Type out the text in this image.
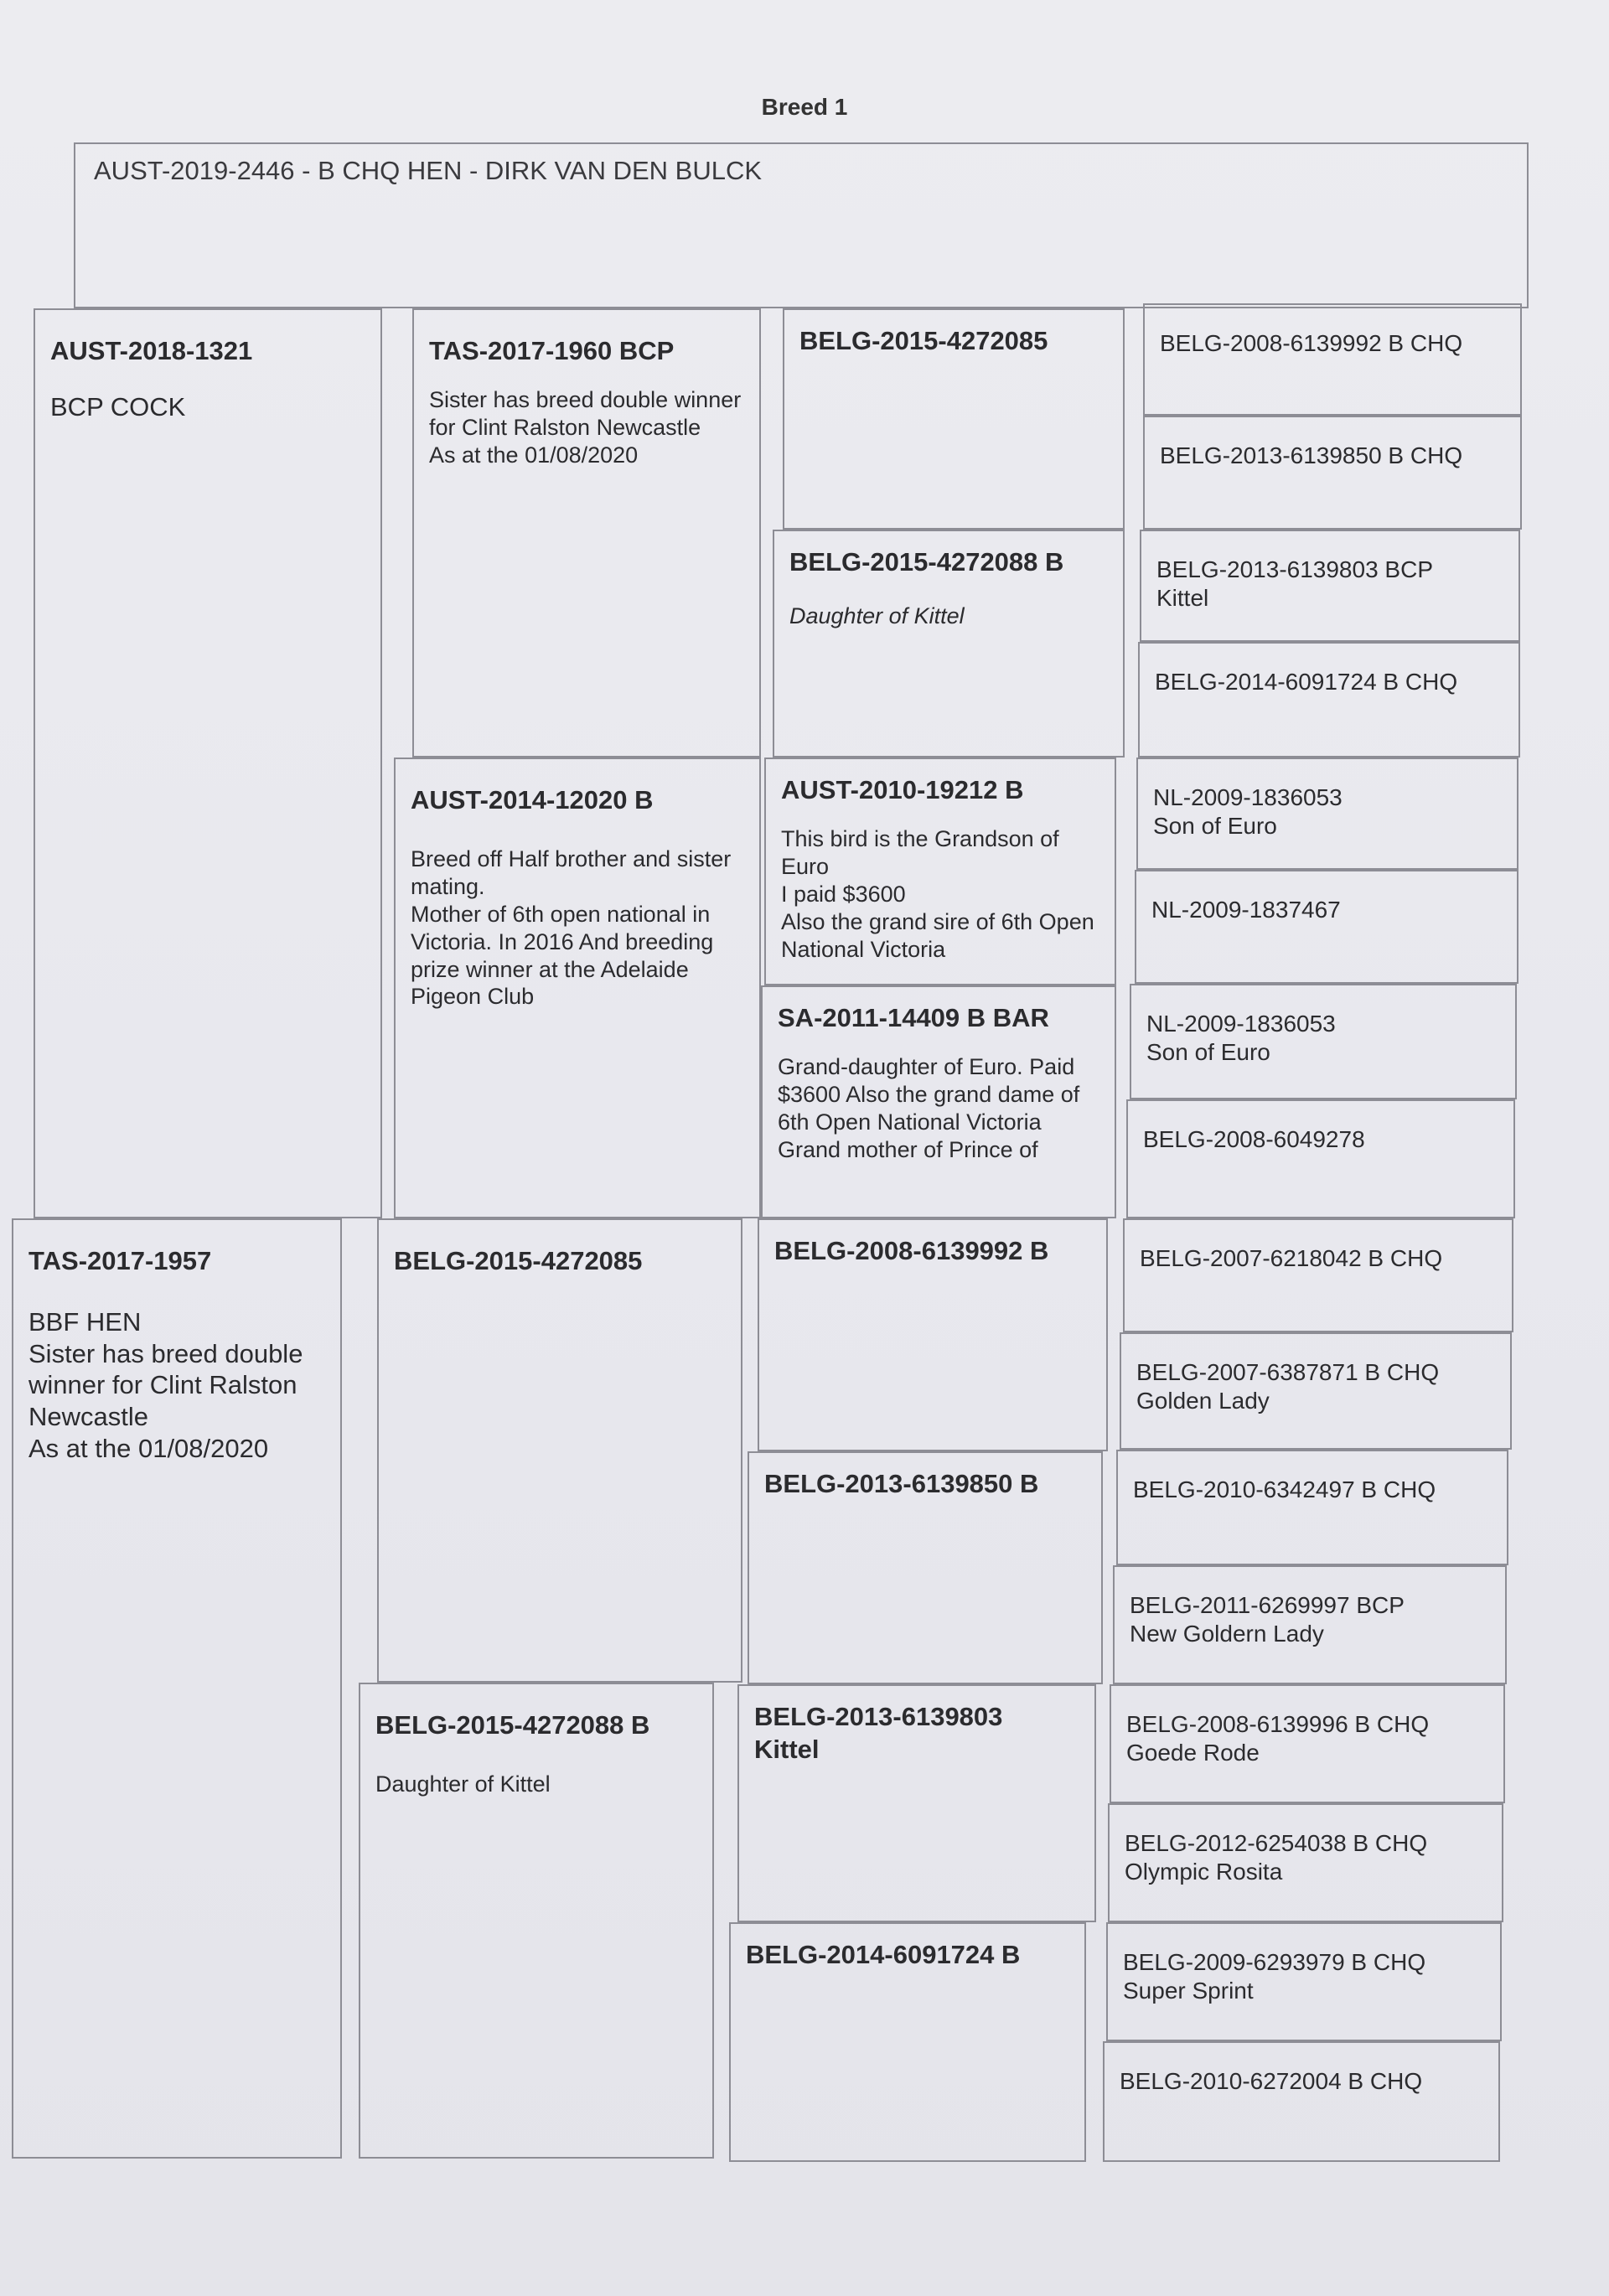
Breed 1
AUST-2019-2446 - B CHQ HEN - DIRK VAN DEN BULCK
AUST-2018-1321
BCP COCK
TAS-2017-1957
BBF HEN
Sister has breed double winner for Clint Ralston Newcastle
As at the 01/08/2020
TAS-2017-1960 BCP
Sister has breed double winner for Clint Ralston Newcastle
As at the 01/08/2020
AUST-2014-12020 B
Breed off Half brother and sister mating.
Mother of 6th open national in Victoria. In 2016 And breeding prize winner at the Adelaide Pigeon Club
BELG-2015-4272085
BELG-2015-4272088 B
Daughter of Kittel
BELG-2015-4272085
BELG-2015-4272088 B
Daughter of Kittel
AUST-2010-19212 B
This bird is the Grandson of Euro
I paid $3600
Also the grand sire of 6th Open National Victoria
SA-2011-14409 B BAR
Grand-daughter of Euro. Paid $3600 Also the grand dame of 6th Open National Victoria Grand mother of Prince of
BELG-2008-6139992 B
BELG-2013-6139850 B
BELG-2013-6139803
Kittel
BELG-2014-6091724 B
BELG-2008-6139992 B CHQ
BELG-2013-6139850 B CHQ
BELG-2013-6139803 BCP
Kittel
BELG-2014-6091724 B CHQ
NL-2009-1836053
Son of Euro
NL-2009-1837467
NL-2009-1836053
Son of Euro
BELG-2008-6049278
BELG-2007-6218042 B CHQ
BELG-2007-6387871 B CHQ
Golden Lady
BELG-2010-6342497 B CHQ
BELG-2011-6269997 BCP
New Goldern Lady
BELG-2008-6139996 B CHQ
Goede Rode
BELG-2012-6254038 B CHQ
Olympic Rosita
BELG-2009-6293979 B CHQ
Super Sprint
BELG-2010-6272004 B CHQ
